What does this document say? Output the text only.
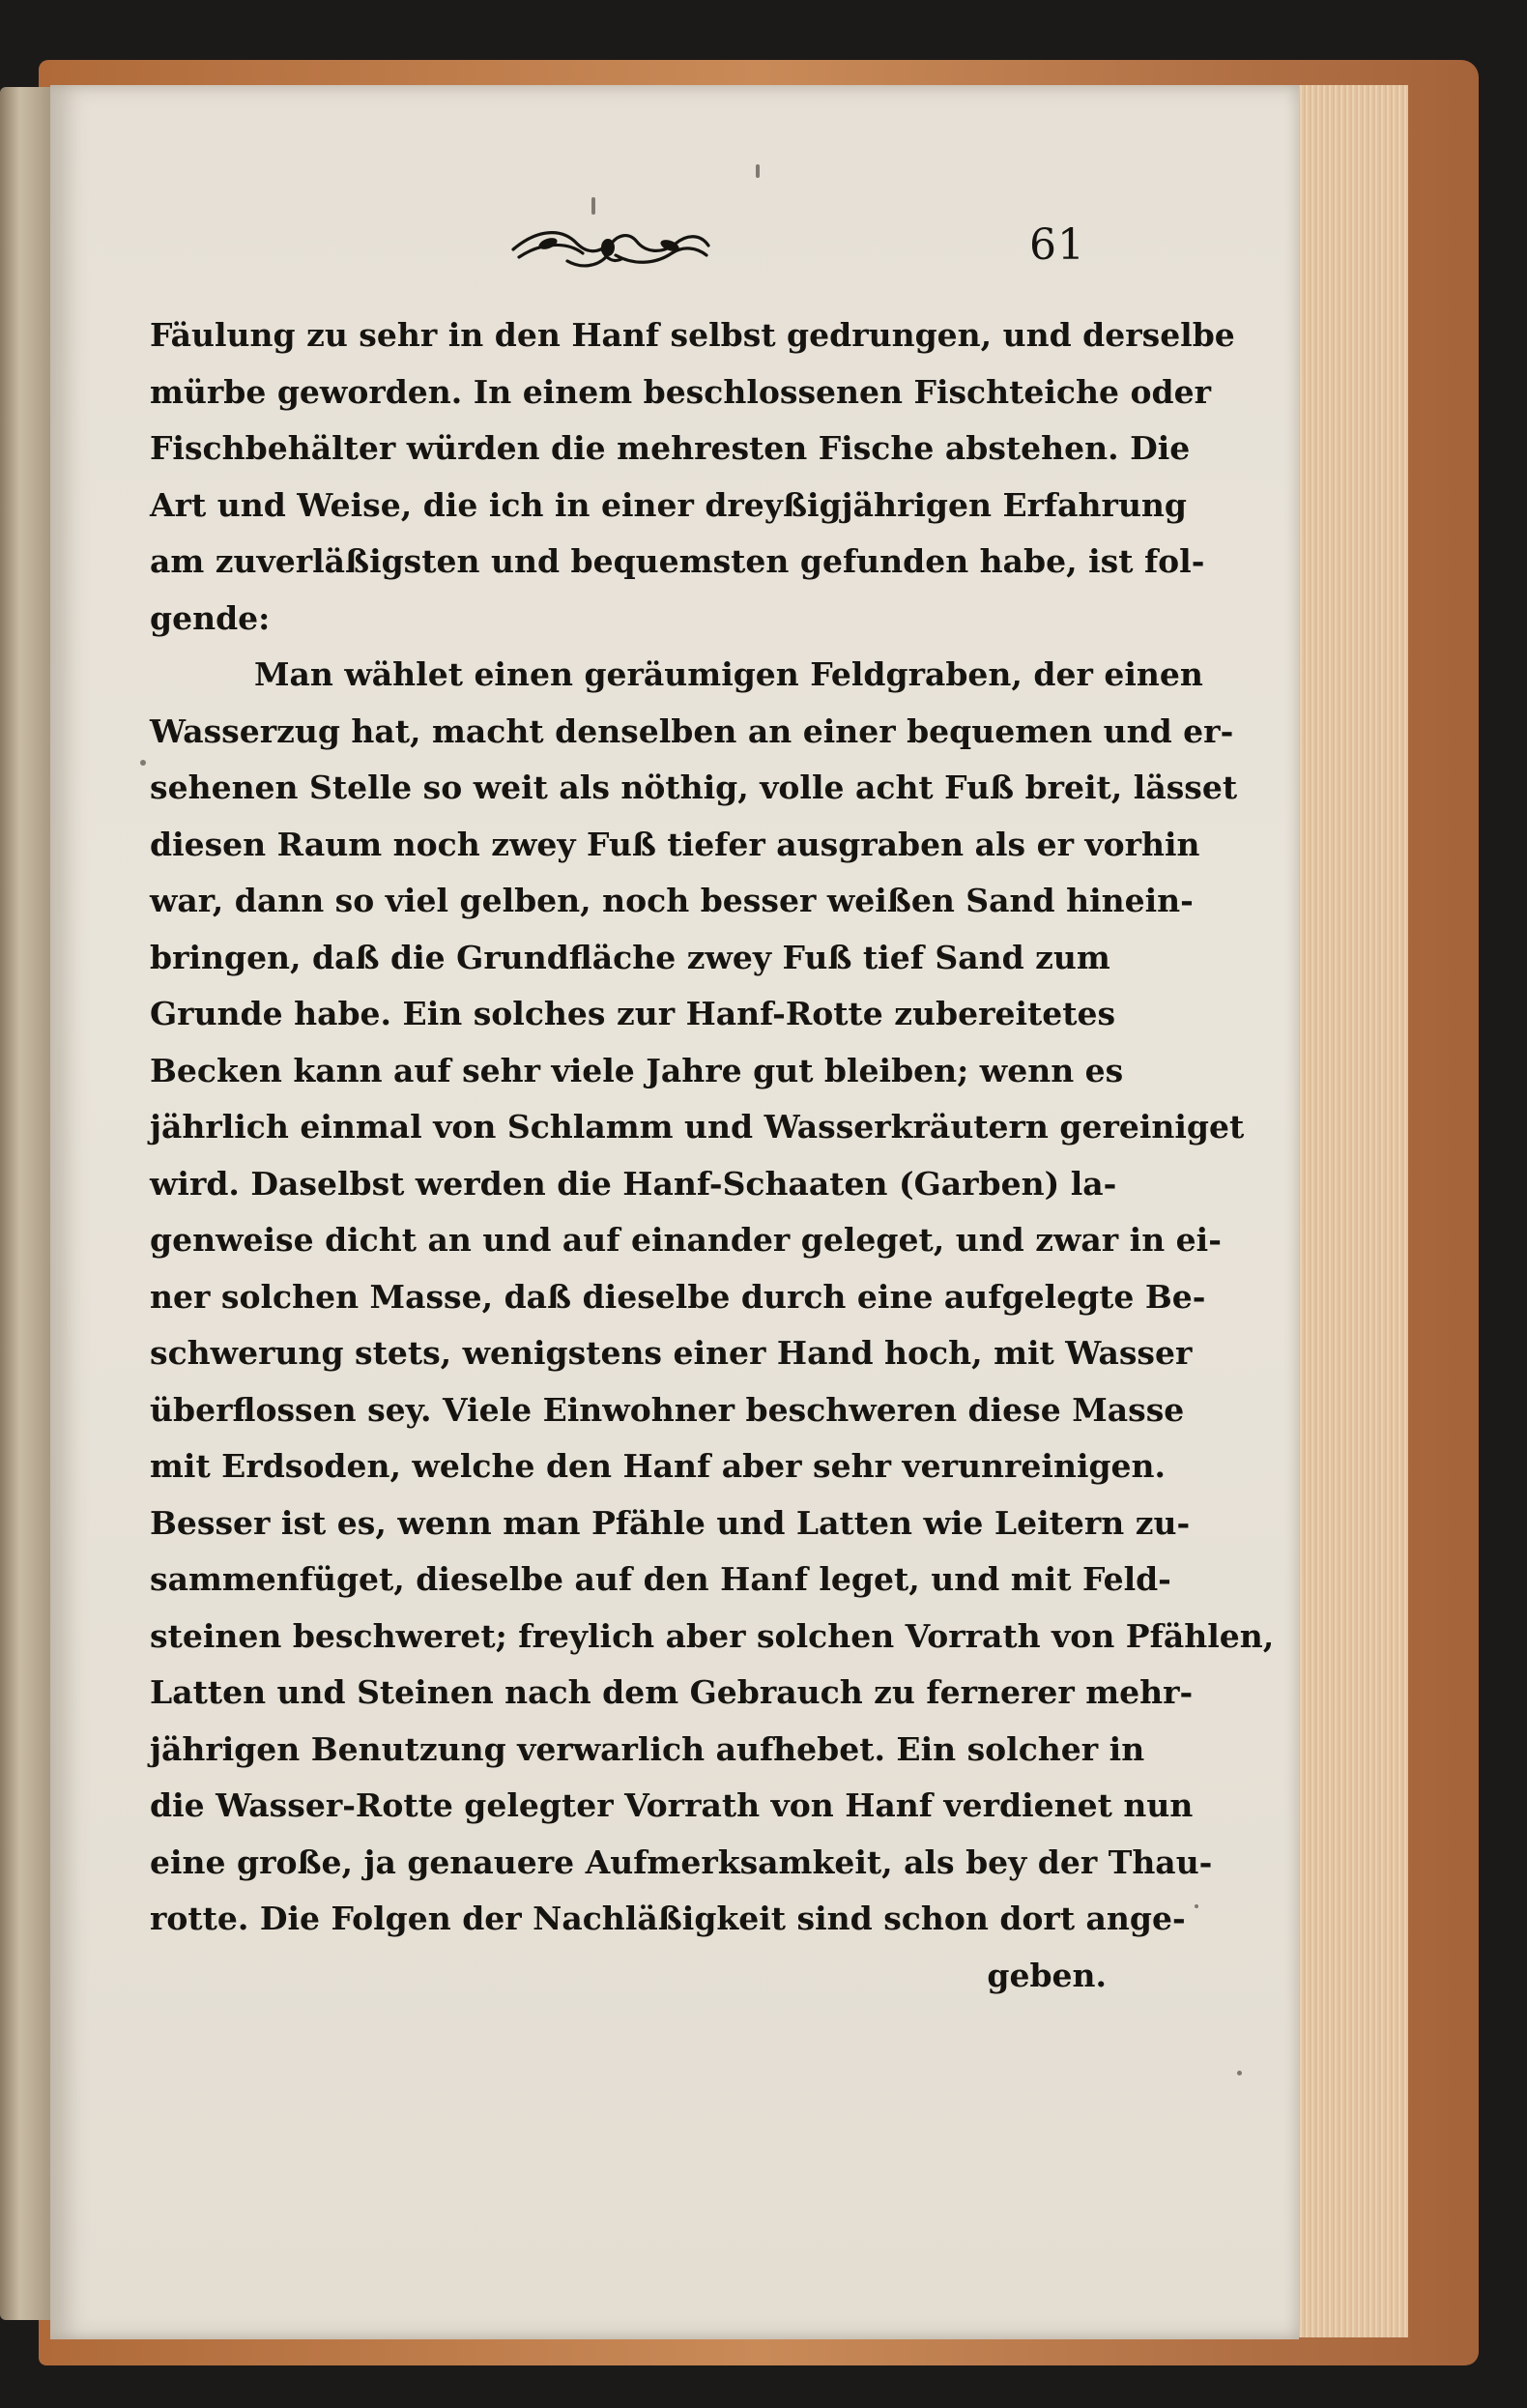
61
Fäulung zu sehr in den Hanf selbst gedrungen, und derselbe
mürbe geworden. In einem beschlossenen Fischteiche oder
Fischbehälter würden die mehresten Fische abstehen. Die
Art und Weise, die ich in einer dreyßigjährigen Erfahrung
am zuverläßigsten und bequemsten gefunden habe, ist fol-
gende:
Man wählet einen geräumigen Feldgraben, der einen
Wasserzug hat, macht denselben an einer bequemen und er-
sehenen Stelle so weit als nöthig, volle acht Fuß breit, lässet
diesen Raum noch zwey Fuß tiefer ausgraben als er vorhin
war, dann so viel gelben, noch besser weißen Sand hinein-
bringen, daß die Grundfläche zwey Fuß tief Sand zum
Grunde habe. Ein solches zur Hanf-Rotte zubereitetes
Becken kann auf sehr viele Jahre gut bleiben; wenn es
jährlich einmal von Schlamm und Wasserkräutern gereiniget
wird. Daselbst werden die Hanf-Schaaten (Garben) la-
genweise dicht an und auf einander geleget, und zwar in ei-
ner solchen Masse, daß dieselbe durch eine aufgelegte Be-
schwerung stets, wenigstens einer Hand hoch, mit Wasser
überflossen sey. Viele Einwohner beschweren diese Masse
mit Erdsoden, welche den Hanf aber sehr verunreinigen.
Besser ist es, wenn man Pfähle und Latten wie Leitern zu-
sammenfüget, dieselbe auf den Hanf leget, und mit Feld-
steinen beschweret; freylich aber solchen Vorrath von Pfählen,
Latten und Steinen nach dem Gebrauch zu fernerer mehr-
jährigen Benutzung verwarlich aufhebet. Ein solcher in
die Wasser-Rotte gelegter Vorrath von Hanf verdienet nun
eine große, ja genauere Aufmerksamkeit, als bey der Thau-
rotte. Die Folgen der Nachläßigkeit sind schon dort ange-
geben.
